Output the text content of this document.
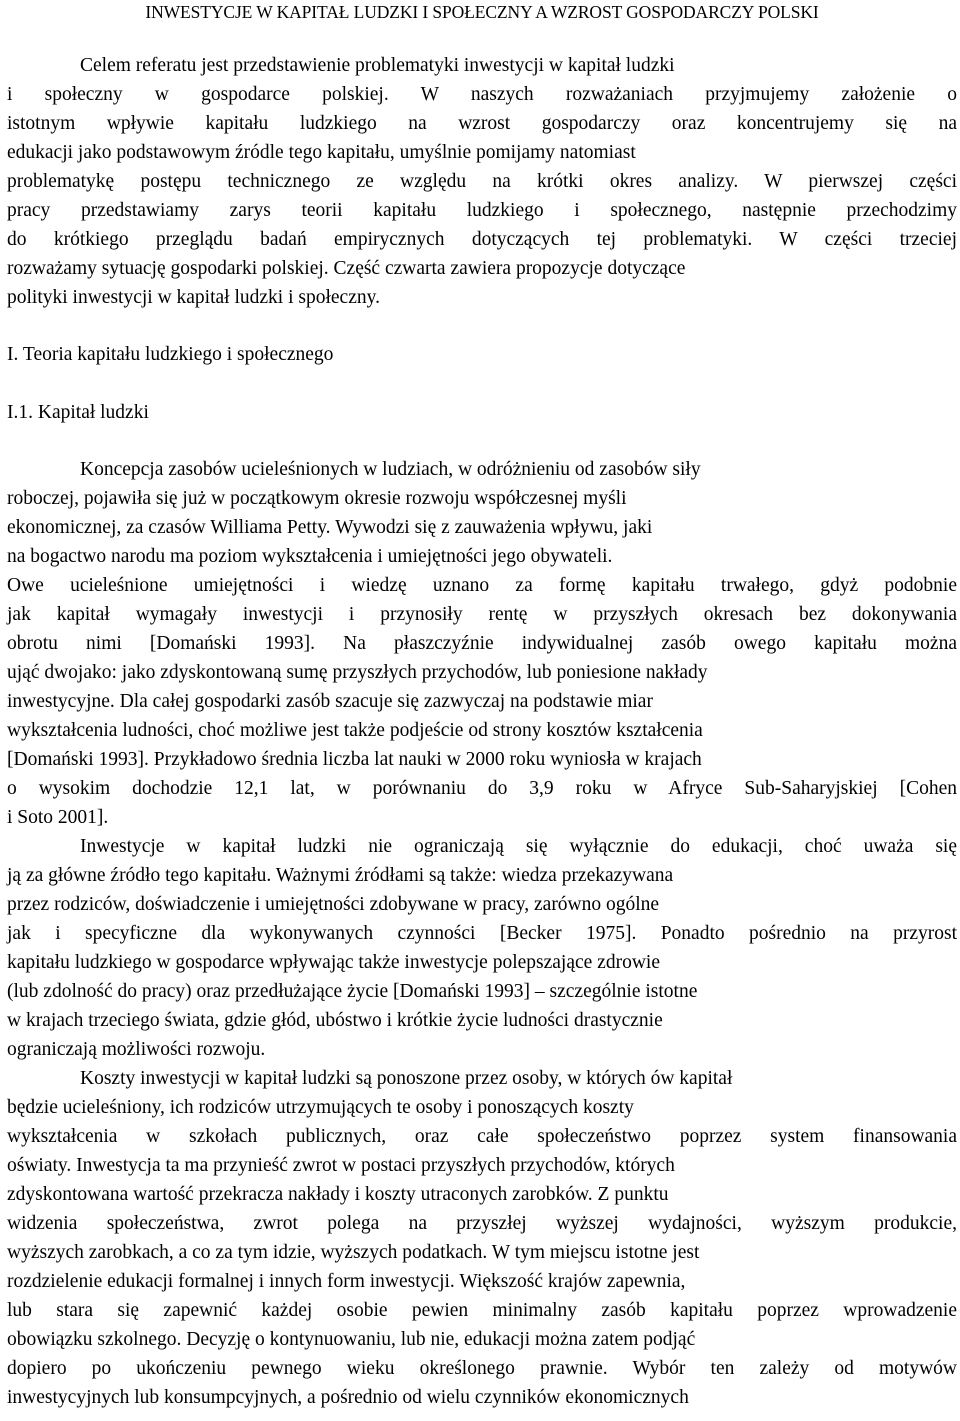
INWESTYCJE W KAPITAŁ LUDZKI I SPOŁECZNY A WZROST GOSPODARCZY POLSKI
Celem referatu jest przedstawienie problematyki inwestycji w kapitał ludzki
i społeczny w gospodarce polskiej. W naszych rozważaniach przyjmujemy założenie o
istotnym wpływie kapitału ludzkiego na wzrost gospodarczy oraz koncentrujemy się na
edukacji jako podstawowym źródle tego kapitału, umyślnie pomijamy natomiast
problematykę postępu technicznego ze względu na krótki okres analizy. W pierwszej części
pracy przedstawiamy zarys teorii kapitału ludzkiego i społecznego, następnie przechodzimy
do krótkiego przeglądu badań empirycznych dotyczących tej problematyki. W części trzeciej
rozważamy sytuację gospodarki polskiej. Część czwarta zawiera propozycje dotyczące
polityki inwestycji w kapitał ludzki i społeczny.
I. Teoria kapitału ludzkiego i społecznego
I.1. Kapitał ludzki
Koncepcja zasobów ucieleśnionych w ludziach, w odróżnieniu od zasobów siły
roboczej, pojawiła się już w początkowym okresie rozwoju współczesnej myśli
ekonomicznej, za czasów Williama Petty. Wywodzi się z zauważenia wpływu, jaki
na bogactwo narodu ma poziom wykształcenia i umiejętności jego obywateli.
Owe ucieleśnione umiejętności i wiedzę uznano za formę kapitału trwałego, gdyż podobnie
jak kapitał wymagały inwestycji i przynosiły rentę w przyszłych okresach bez dokonywania
obrotu nimi [Domański 1993]. Na płaszczyźnie indywidualnej zasób owego kapitału można
ująć dwojako: jako zdyskontowaną sumę przyszłych przychodów, lub poniesione nakłady
inwestycyjne. Dla całej gospodarki zasób szacuje się zazwyczaj na podstawie miar
wykształcenia ludności, choć możliwe jest także podjeście od strony kosztów kształcenia
[Domański 1993]. Przykładowo średnia liczba lat nauki w 2000 roku wyniosła w krajach
o wysokim dochodzie 12,1 lat, w porównaniu do 3,9 roku w Afryce Sub-Saharyjskiej [Cohen
i Soto 2001].
Inwestycje w kapitał ludzki nie ograniczają się wyłącznie do edukacji, choć uważa się
ją za główne źródło tego kapitału. Ważnymi źródłami są także: wiedza przekazywana
przez rodziców, doświadczenie i umiejętności zdobywane w pracy, zarówno ogólne
jak i specyficzne dla wykonywanych czynności [Becker 1975]. Ponadto pośrednio na przyrost
kapitału ludzkiego w gospodarce wpływając także inwestycje polepszające zdrowie
(lub zdolność do pracy) oraz przedłużające życie [Domański 1993] – szczególnie istotne
w krajach trzeciego świata, gdzie głód, ubóstwo i krótkie życie ludności drastycznie
ograniczają możliwości rozwoju.
Koszty inwestycji w kapitał ludzki są ponoszone przez osoby, w których ów kapitał
będzie ucieleśniony, ich rodziców utrzymujących te osoby i ponoszących koszty
wykształcenia w szkołach publicznych, oraz całe społeczeństwo poprzez system finansowania
oświaty. Inwestycja ta ma przynieść zwrot w postaci przyszłych przychodów, których
zdyskontowana wartość przekracza nakłady i koszty utraconych zarobków. Z punktu
widzenia społeczeństwa, zwrot polega na przyszłej wyższej wydajności, wyższym produkcie,
wyższych zarobkach, a co za tym idzie, wyższych podatkach. W tym miejscu istotne jest
rozdzielenie edukacji formalnej i innych form inwestycji. Większość krajów zapewnia,
lub stara się zapewnić każdej osobie pewien minimalny zasób kapitału poprzez wprowadzenie
obowiązku szkolnego. Decyzję o kontynuowaniu, lub nie, edukacji można zatem podjąć
dopiero po ukończeniu pewnego wieku określonego prawnie. Wybór ten zależy od motywów
inwestycyjnych lub konsumpcyjnych, a pośrednio od wielu czynników ekonomicznych
